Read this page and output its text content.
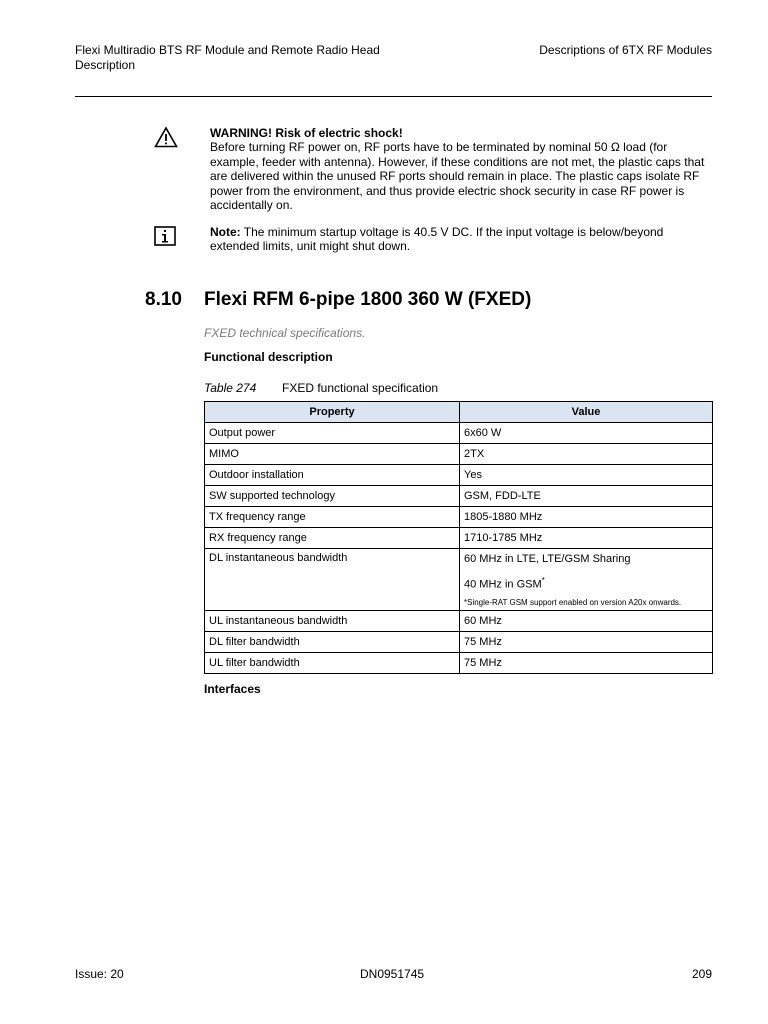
Flexi Multiradio BTS RF Module and Remote Radio Head Description
Descriptions of 6TX RF Modules
WARNING! Risk of electric shock!
Before turning RF power on, RF ports have to be terminated by nominal 50 Ω load (for example, feeder with antenna). However, if these conditions are not met, the plastic caps that are delivered within the unused RF ports should remain in place. The plastic caps isolate RF power from the environment, and thus provide electric shock security in case RF power is accidentally on.
Note: The minimum startup voltage is 40.5 V DC. If the input voltage is below/beyond extended limits, unit might shut down.
8.10 Flexi RFM 6-pipe 1800 360 W (FXED)
FXED technical specifications.
Functional description
Table 274 FXED functional specification
Property	Value
Output power	6x60 W
MIMO	2TX
Outdoor installation	Yes
SW supported technology	GSM, FDD-LTE
TX frequency range	1805-1880 MHz
RX frequency range	1710-1785 MHz
DL instantaneous bandwidth	60 MHz in LTE, LTE/GSM Sharing
40 MHz in GSM*
*Single-RAT GSM support enabled on version A20x onwards.

UL instantaneous bandwidth	60 MHz
DL filter bandwidth	75 MHz
UL filter bandwidth	75 MHz
Interfaces
Issue: 20	DN0951745	209
